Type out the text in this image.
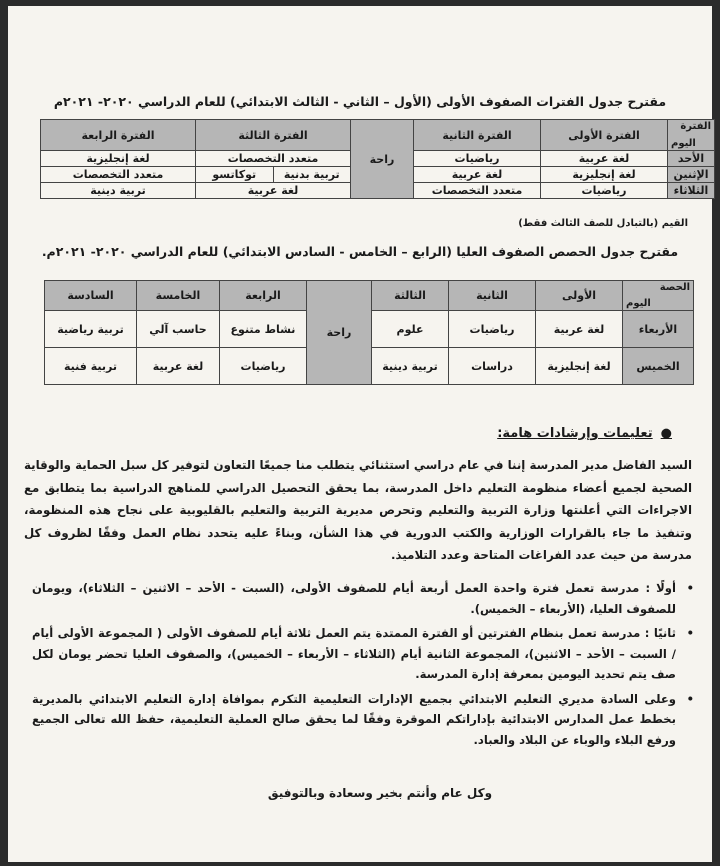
مقترح جدول الفترات الصفوف الأولى (الأول – الثاني - الثالث الابتدائي) للعام الدراسي ٢٠٢٠- ٢٠٢١م
الفترة
اليوم	الفترة الأولى	الفترة الثانية	راحة	الفترة الثالثة		الفترة الرابعة
الأحد	لغة عربية	رياضيات		متعدد التخصصات		لغة إنجليزية
الإثنين	لغة إنجليزية	لغة عربية		تربية بدنية	توكاتسو	متعدد التخصصات
الثلاثاء	رياضيات	متعدد التخصصات		لغة عربية		تربية دينية
القيم (بالتبادل للصف الثالث فقط)
مقترح جدول الحصص الصفوف العليا (الرابع – الخامس - السادس الابتدائي) للعام الدراسي ٢٠٢٠- ٢٠٢١م.
الحصة
اليوم	الأولى	الثانية	الثالثة	راحة	الرابعة	الخامسة	السادسة
الأربعاء	لغة عربية	رياضيات	علوم		نشاط متنوع	حاسب آلي	تربية رياضية
الخميس	لغة إنجليزية	دراسات	تربية دينية		رياضيات	لغة عربية	تربية فنية
●تعليمات وإرشادات هامة:
السيد الفاضل مدير المدرسة إننا في عام دراسي استثنائي يتطلب منا جميعًا التعاون لتوفير كل سبل الحماية والوقاية الصحية لجميع أعضاء منظومة التعليم داخل المدرسة، بما يحقق التحصيل الدراسي للمناهج الدراسية بما يتطابق مع الاجراءات التي أعلنتها وزارة التربية والتعليم وتحرص مديرية التربية والتعليم بالقليوبية على نجاح هذه المنظومة، وتنفيذ ما جاء بالقرارات الوزارية والكتب الدورية في هذا الشأن، وبناءً عليه يتحدد نظام العمل وفقًا لظروف كل مدرسة من حيث عدد الفراغات المتاحة وعدد التلاميذ.
•
أولًا : مدرسة تعمل فترة واحدة العمل أربعة أيام للصفوف الأولى، (السبت - الأحد – الاثنين – الثلاثاء)، ويومان للصفوف العليا، (الأربعاء – الخميس).
•
ثانيًا : مدرسة تعمل بنظام الفترتين أو الفترة الممتدة يتم العمل ثلاثة أيام للصفوف الأولى ( المجموعة الأولى أيام / السبت – الأحد – الاثنين)، المجموعة الثانية أيام (الثلاثاء – الأربعاء – الخميس)، والصفوف العليا تحضر يومان لكل صف يتم تحديد اليومين بمعرفة إدارة المدرسة.
•
وعلى السادة مديري التعليم الابتدائي بجميع الإدارات التعليمية التكرم بموافاة إدارة التعليم الابتدائي بالمديرية بخطط عمل المدارس الابتدائية بإداراتكم الموقرة وفقًا لما يحقق صالح العملية التعليمية، حفظ الله تعالى الجميع ورفع البلاء والوباء عن البلاد والعباد.
وكل عام وأنتم بخير وسعادة وبالتوفيق
